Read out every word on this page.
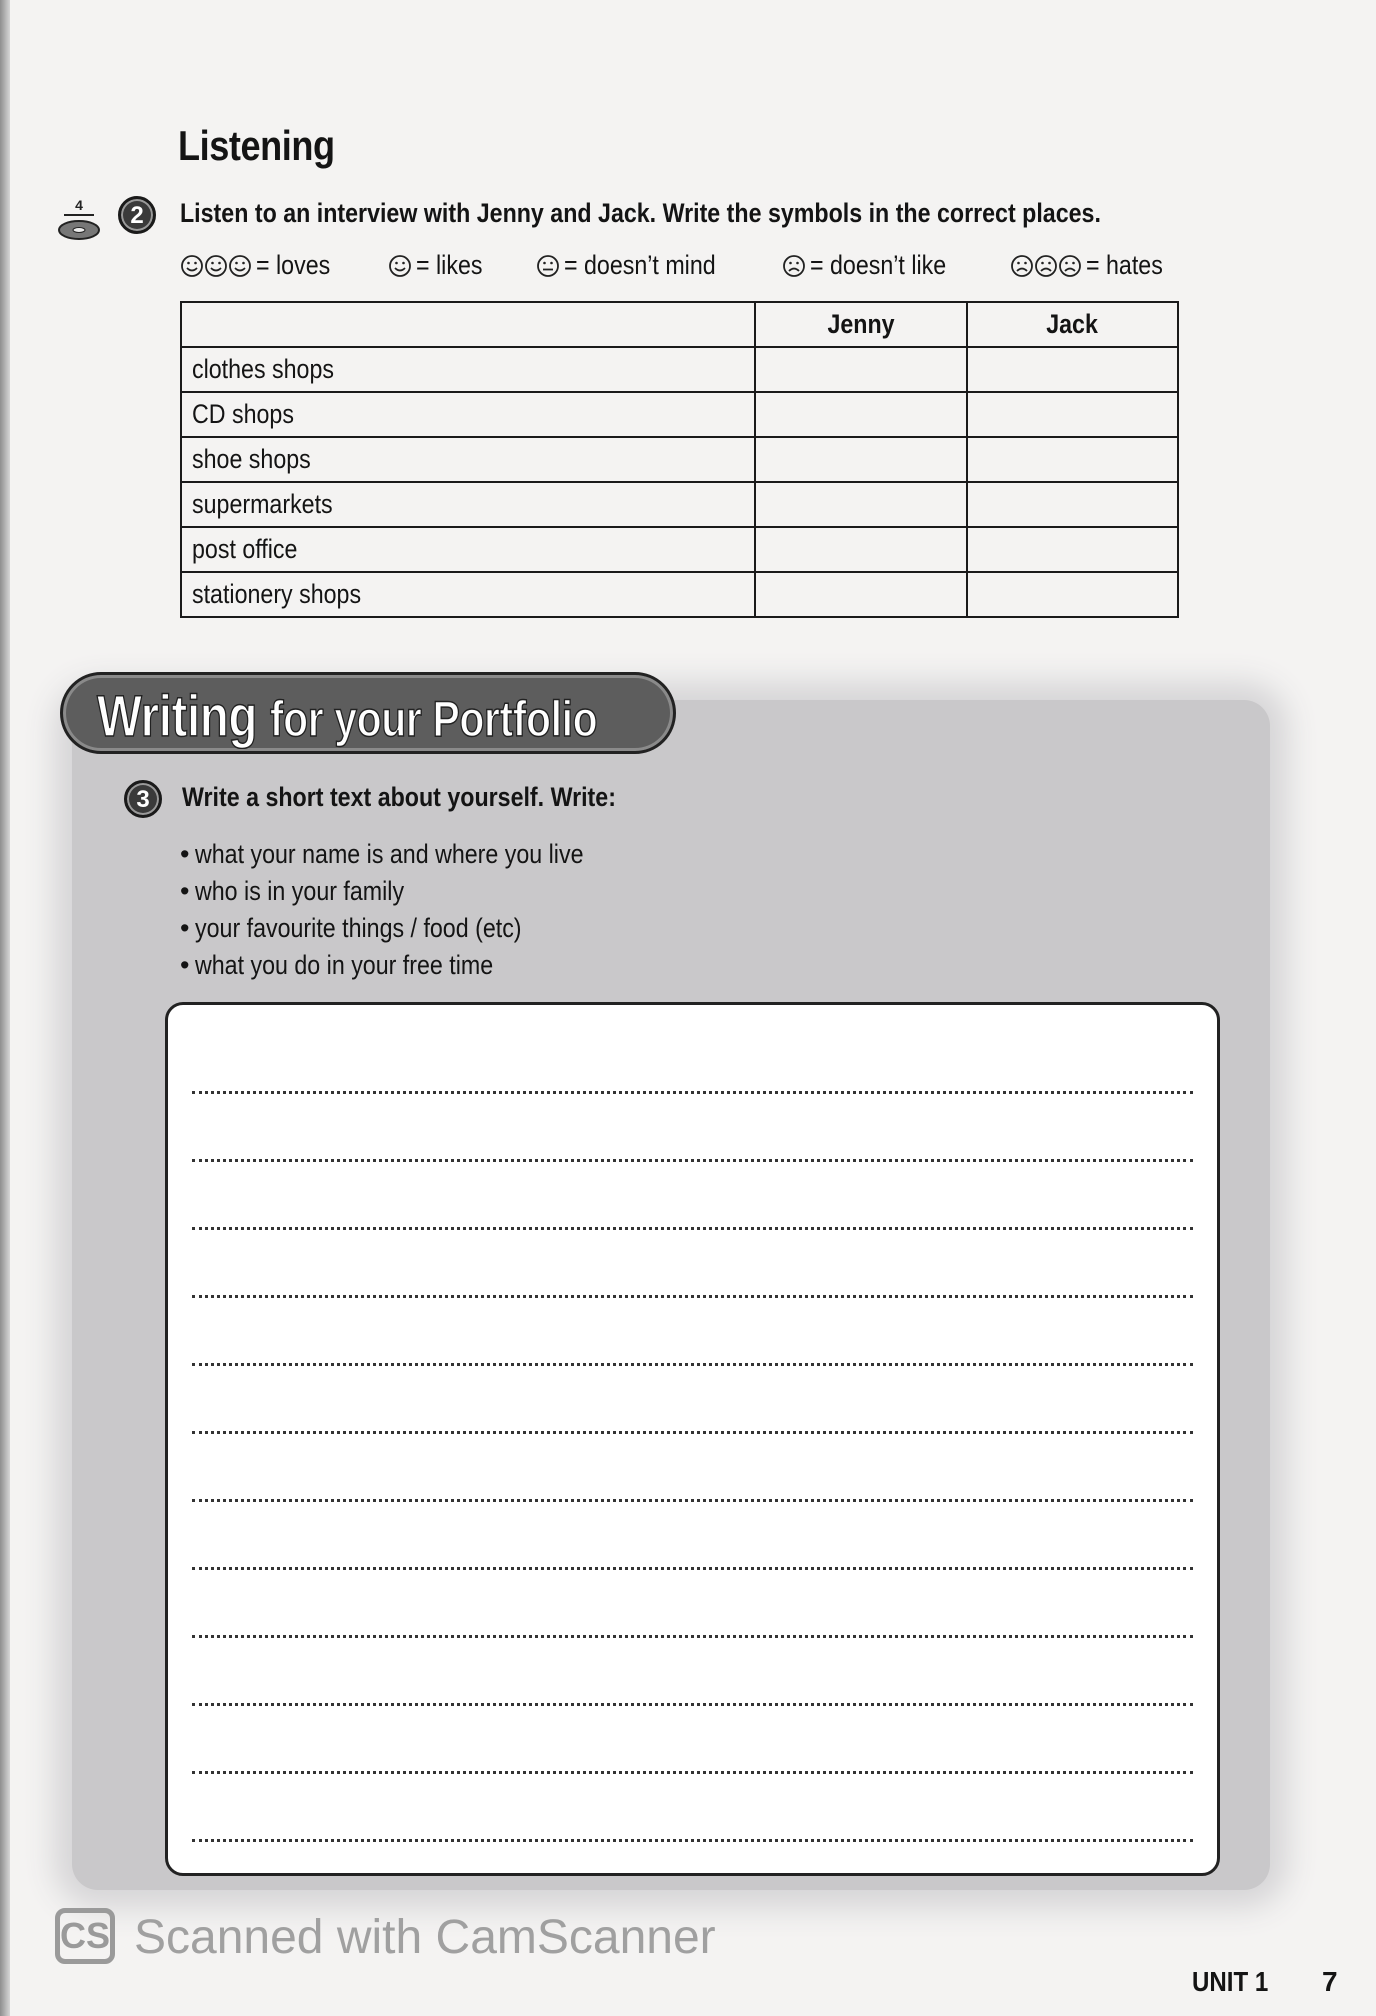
Listening
4	2	Listen to an interview with Jenny and Jack. Write the symbols in the correct places.
= loves	= likes	= doesn’t mind	= doesn’t like	= hates
	Jenny	Jack
clothes shops		
CD shops		
shoe shops		
supermarkets		
post office		
stationery shops		
Writing for your Portfolio
3	Write a short text about yourself. Write:
• what your name is and where you live
• who is in your family
• your favourite things / food (etc)
• what you do in your free time
CS Scanned with CamScanner
UNIT 1	7
